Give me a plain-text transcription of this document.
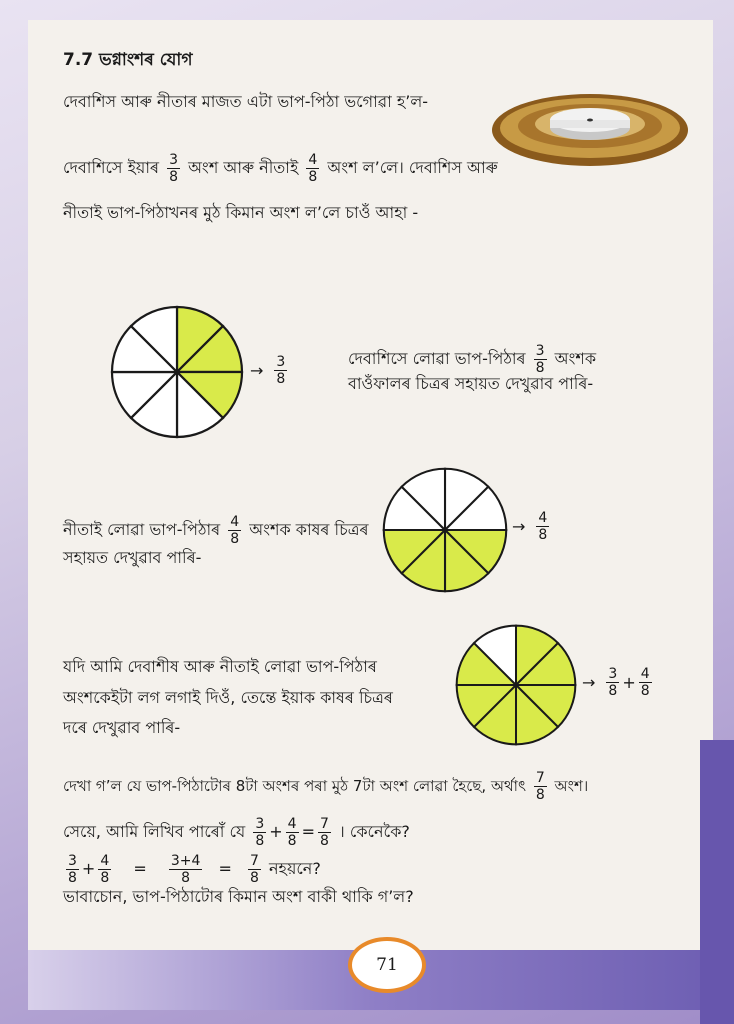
7.7 ভগ্নাংশৰ যোগ
দেবাশিস আৰু নীতাৰ মাজত এটা ভাপ-পিঠা ভগোৱা হ’ল-
দেবাশিসে ইয়াৰ $\frac{3}{8}$ অংশ আৰু নীতাই $\frac{4}{8}$ অংশ ল’লে। দেবাশিস আৰু
নীতাই ভাপ-পিঠাখনৰ মুঠ কিমান অংশ ল’লে চাওঁ আহা -
→ $\frac{3}{8}$	দেবাশিসে লোৱা ভাপ-পিঠাৰ $\frac{3}{8}$ অংশক
বাওঁফালৰ চিত্ৰৰ সহায়ত দেখুৱাব পাৰি-
নীতাই লোৱা ভাপ-পিঠাৰ $\frac{4}{8}$ অংশক কাষৰ চিত্ৰৰ
সহায়ত দেখুৱাব পাৰি-
→ $\frac{4}{8}$
যদি আমি দেবাশীষ আৰু নীতাই লোৱা ভাপ-পিঠাৰ
অংশকেইটা লগ লগাই দিওঁ, তেন্তে ইয়াক কাষৰ চিত্ৰৰ
দৰে দেখুৱাব পাৰি-
→ $\frac{3}{8} + \frac{4}{8}$
দেখা গ’ল যে ভাপ-পিঠাটোৰ 8টা অংশৰ পৰা মুঠ 7টা অংশ লোৱা হৈছে, অৰ্থাৎ $\frac{7}{8}$ অংশ।
সেয়ে, আমি লিখিব পাৰোঁ যে $\frac{3}{8} + \frac{4}{8} = \frac{7}{8}$ । কেনেকৈ?
$\frac{3}{8} + \frac{4}{8} = \frac{3+4}{8} = \frac{7}{8}$ নহয়নে?
ভাবাচোন, ভাপ-পিঠাটোৰ কিমান অংশ বাকী থাকি গ’ল?
71
